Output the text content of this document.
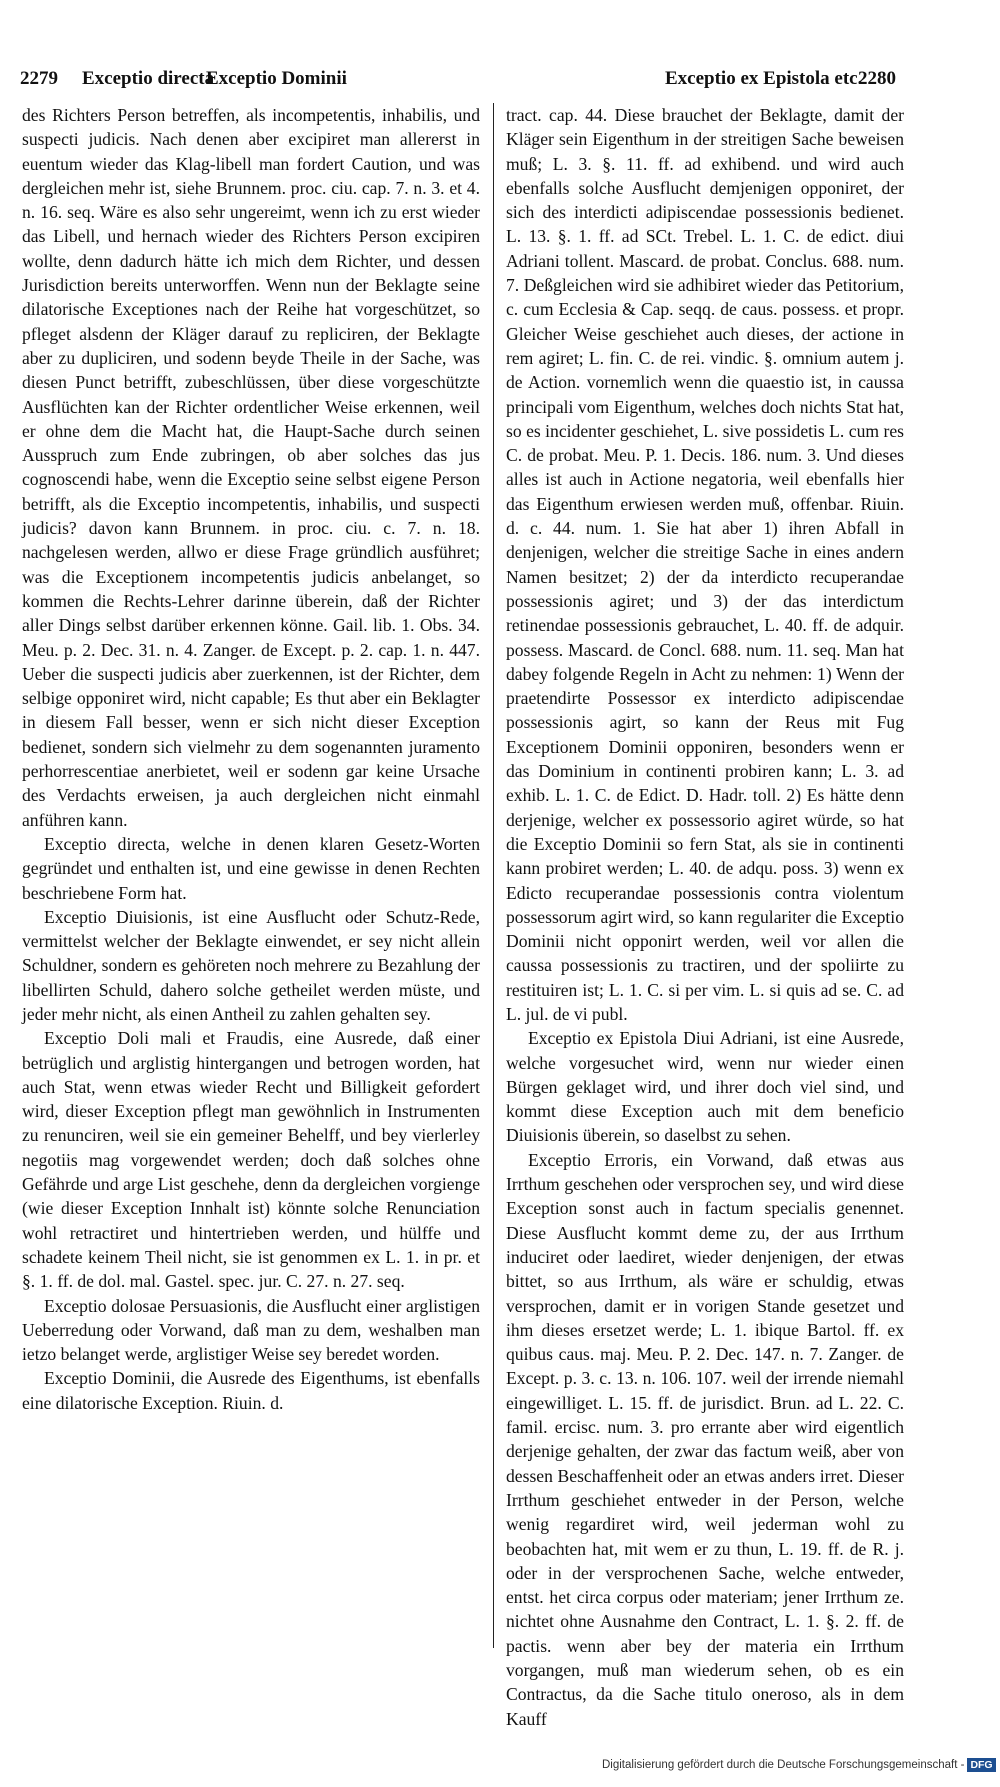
2279 Exceptio directa
Exceptio Dominii	Exceptio ex Epistola etc.
2280

des Richters Person betreffen, als incompetentis, inhabilis, und suspecti judicis. Nach denen aber excipiret man allererst in euentum wieder das Klag-libell man fordert Caution, und was dergleichen mehr ist, siehe Brunnem. proc. ciu. cap. 7. n. 3. et 4. n. 16. seq. Wäre es also sehr ungereimt, wenn ich zu erst wieder das Libell, und hernach wieder des Richters Person excipiren wollte, denn dadurch hätte ich mich dem Richter, und dessen Jurisdiction bereits unterworffen. Wenn nun der Beklagte seine dilatorische Exceptiones nach der Reihe hat vorgeschützet, so pfleget alsdenn der Kläger darauf zu repliciren, der Beklagte aber zu dupliciren, und sodenn beyde Theile in der Sache, was diesen Punct betrifft, zubeschlüssen, über diese vorgeschützte Ausflüchten kan der Richter ordentlicher Weise erkennen, weil er ohne dem die Macht hat, die Haupt-Sache durch seinen Ausspruch zum Ende zubringen, ob aber solches das jus cognoscendi habe, wenn die Exceptio seine selbst eigene Person betrifft, als die Exceptio incompetentis, inhabilis, und suspecti judicis? davon kann Brunnem. in proc. ciu. c. 7. n. 18. nachgelesen werden, allwo er diese Frage gründlich ausführet; was die Exceptionem incompetentis judicis anbelanget, so kommen die Rechts-Lehrer darinne überein, daß der Richter aller Dings selbst darüber erkennen könne. Gail. lib. 1. Obs. 34. Meu. p. 2. Dec. 31. n. 4. Zanger. de Except. p. 2. cap. 1. n. 447. Ueber die suspecti judicis aber zuerkennen, ist der Richter, dem selbige opponiret wird, nicht capable; Es thut aber ein Beklagter in diesem Fall besser, wenn er sich nicht dieser Exception bedienet, sondern sich vielmehr zu dem sogenannten juramento perhorrescentiae anerbietet, weil er sodenn gar keine Ursache des Verdachts erweisen, ja auch dergleichen nicht einmahl anführen kann.

Exceptio directa, welche in denen klaren Gesetz-Worten gegründet und enthalten ist, und eine gewisse in denen Rechten beschriebene Form hat.

Exceptio Diuisionis, ist eine Ausflucht oder Schutz-Rede, vermittelst welcher der Beklagte einwendet, er sey nicht allein Schuldner, sondern es gehöreten noch mehrere zu Bezahlung der libellirten Schuld, dahero solche getheilet werden müste, und jeder mehr nicht, als einen Antheil zu zahlen gehalten sey.

Exceptio Doli mali et Fraudis, eine Ausrede, daß einer betrüglich und arglistig hintergangen und betrogen worden, hat auch Stat, wenn etwas wieder Recht und Billigkeit gefordert wird, dieser Exception pflegt man gewöhnlich in Instrumenten zu renunciren, weil sie ein gemeiner Behelff, und bey vierlerley negotiis mag vorgewendet werden; doch daß solches ohne Gefährde und arge List geschehe, denn da dergleichen vorgienge (wie dieser Exception Innhalt ist) könnte solche Renunciation wohl retractiret und hintertrieben werden, und hülffe und schadete keinem Theil nicht, sie ist genommen ex L. 1. in pr. et §. 1. ff. de dol. mal. Gastel. spec. jur. C. 27. n. 27. seq.

Exceptio dolosae Persuasionis, die Ausflucht einer arglistigen Ueberredung oder Vorwand, daß man zu dem, weshalben man ietzo belanget werde, arglistiger Weise sey beredet worden.

Exceptio Dominii, die Ausrede des Eigenthums, ist ebenfalls eine dilatorische Exception. Riuin. d.

tract. cap. 44. Diese brauchet der Beklagte, damit der Kläger sein Eigenthum in der streitigen Sache beweisen muß; L. 3. §. 11. ff. ad exhibend. und wird auch ebenfalls solche Ausflucht demjenigen opponiret, der sich des interdicti adipiscendae possessionis bedienet. L. 13. §. 1. ff. ad SCt. Trebel. L. 1. C. de edict. diui Adriani tollent. Mascard. de probat. Conclus. 688. num. 7. Deßgleichen wird sie adhibiret wieder das Petitorium, c. cum Ecclesia & Cap. seqq. de caus. possess. et propr. Gleicher Weise geschiehet auch dieses, der actione in rem agiret; L. fin. C. de rei. vindic. §. omnium autem j. de Action. vornemlich wenn die quaestio ist, in caussa principali vom Eigenthum, welches doch nichts Stat hat, so es incidenter geschiehet, L. sive possidetis L. cum res C. de probat. Meu. P. 1. Decis. 186. num. 3. Und dieses alles ist auch in Actione negatoria, weil ebenfalls hier das Eigenthum erwiesen werden muß, offenbar. Riuin. d. c. 44. num. 1. Sie hat aber 1) ihren Abfall in denjenigen, welcher die streitige Sache in eines andern Namen besitzet; 2) der da interdicto recuperandae possessionis agiret; und 3) der das interdictum retinendae possessionis gebrauchet, L. 40. ff. de adquir. possess. Mascard. de Concl. 688. num. 11. seq. Man hat dabey folgende Regeln in Acht zu nehmen: 1) Wenn der praetendirte Possessor ex interdicto adipiscendae possessionis agirt, so kann der Reus mit Fug Exceptionem Dominii opponiren, besonders wenn er das Dominium in continenti probiren kann; L. 3. ad exhib. L. 1. C. de Edict. D. Hadr. toll. 2) Es hätte denn derjenige, welcher ex possessorio agiret würde, so hat die Exceptio Dominii so fern Stat, als sie in continenti kann probiret werden; L. 40. de adqu. poss. 3) wenn ex Edicto recuperandae possessionis contra violentum possessorum agirt wird, so kann regulariter die Exceptio Dominii nicht opponirt werden, weil vor allen die caussa possessionis zu tractiren, und der spoliirte zu restituiren ist; L. 1. C. si per vim. L. si quis ad se. C. ad L. jul. de vi publ.

Exceptio ex Epistola Diui Adriani, ist eine Ausrede, welche vorgesuchet wird, wenn nur wieder einen Bürgen geklaget wird, und ihrer doch viel sind, und kommt diese Exception auch mit dem beneficio Diuisionis überein, so daselbst zu sehen.

Exceptio Erroris, ein Vorwand, daß etwas aus Irrthum geschehen oder versprochen sey, und wird diese Exception sonst auch in factum specialis genennet. Diese Ausflucht kommt deme zu, der aus Irrthum induciret oder laediret, wieder denjenigen, der etwas bittet, so aus Irrthum, als wäre er schuldig, etwas versprochen, damit er in vorigen Stande gesetzet und ihm dieses ersetzet werde; L. 1. ibique Bartol. ff. ex quibus caus. maj. Meu. P. 2. Dec. 147. n. 7. Zanger. de Except. p. 3. c. 13. n. 106. 107. weil der irrende niemahl eingewilliget. L. 15. ff. de jurisdict. Brun. ad L. 22. C. famil. ercisc. num. 3. pro errante aber wird eigentlich derjenige gehalten, der zwar das factum weiß, aber von dessen Beschaffenheit oder an etwas anders irret. Dieser Irrthum geschiehet entweder in der Person, welche wenig regardiret wird, weil jederman wohl zu beobachten hat, mit wem er zu thun, L. 19. ff. de R. j. oder in der versprochenen Sache, welche entweder, entst. het circa corpus oder materiam; jener Irrthum ze. nichtet ohne Ausnahme den Contract, L. 1. §. 2. ff. de pactis. wenn aber bey der materia ein Irrthum vorgangen, muß man wiederum sehen, ob es ein Contractus, da die Sache titulo oneroso, als in dem Kauff

Digitalisierung gefördert durch die Deutsche Forschungsgemeinschaft - DFG
